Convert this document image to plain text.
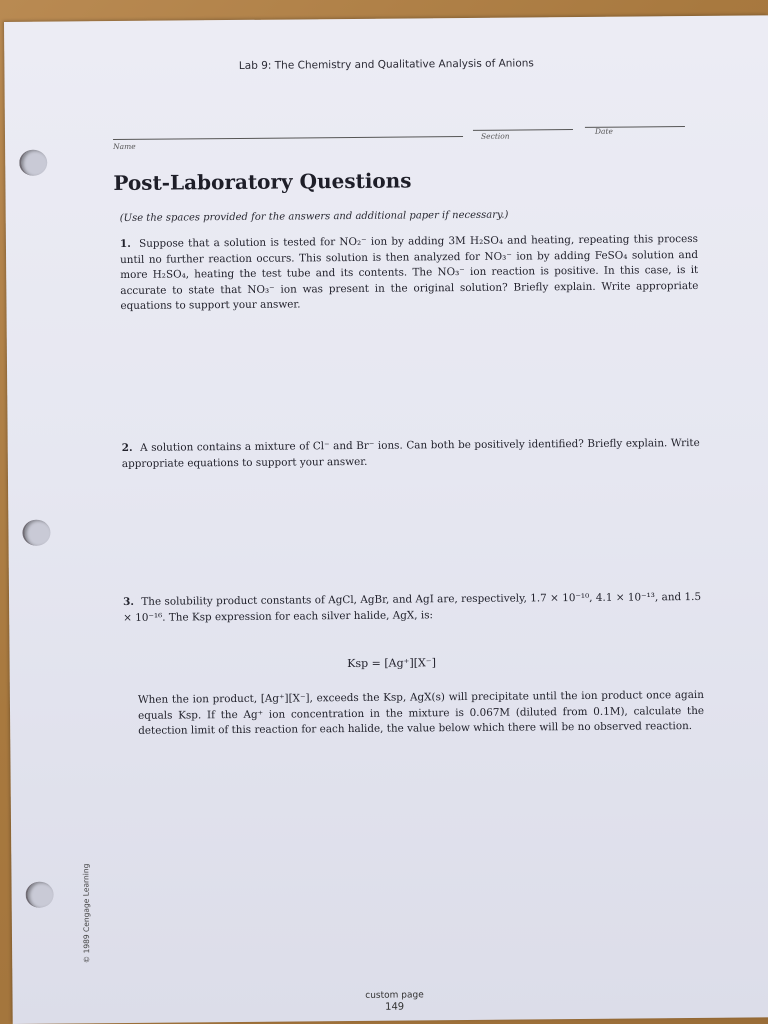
Lab 9: The Chemistry and Qualitative Analysis of Anions
Name
Section
Date
Post-Laboratory Questions
(Use the spaces provided for the answers and additional paper if necessary.)
1. Suppose that a solution is tested for NO₂⁻ ion by adding 3M H₂SO₄ and heating, repeating this process until no further reaction occurs. This solution is then analyzed for NO₃⁻ ion by adding FeSO₄ solution and more H₂SO₄, heating the test tube and its contents. The NO₃⁻ ion reaction is positive. In this case, is it accurate to state that NO₃⁻ ion was present in the original solution? Briefly explain. Write appropriate equations to support your answer.
2. A solution contains a mixture of Cl⁻ and Br⁻ ions. Can both be positively identified? Briefly explain. Write appropriate equations to support your answer.
3. The solubility product constants of AgCl, AgBr, and AgI are, respectively, 1.7 × 10⁻¹⁰, 4.1 × 10⁻¹³, and 1.5 × 10⁻¹⁶. The Ksp expression for each silver halide, AgX, is:
Ksp = [Ag⁺][X⁻]
When the ion product, [Ag⁺][X⁻], exceeds the Ksp, AgX(s) will precipitate until the ion product once again equals Ksp. If the Ag⁺ ion concentration in the mixture is 0.067M (diluted from 0.1M), calculate the detection limit of this reaction for each halide, the value below which there will be no observed reaction.
© 1989 Cengage Learning
custom page
149
